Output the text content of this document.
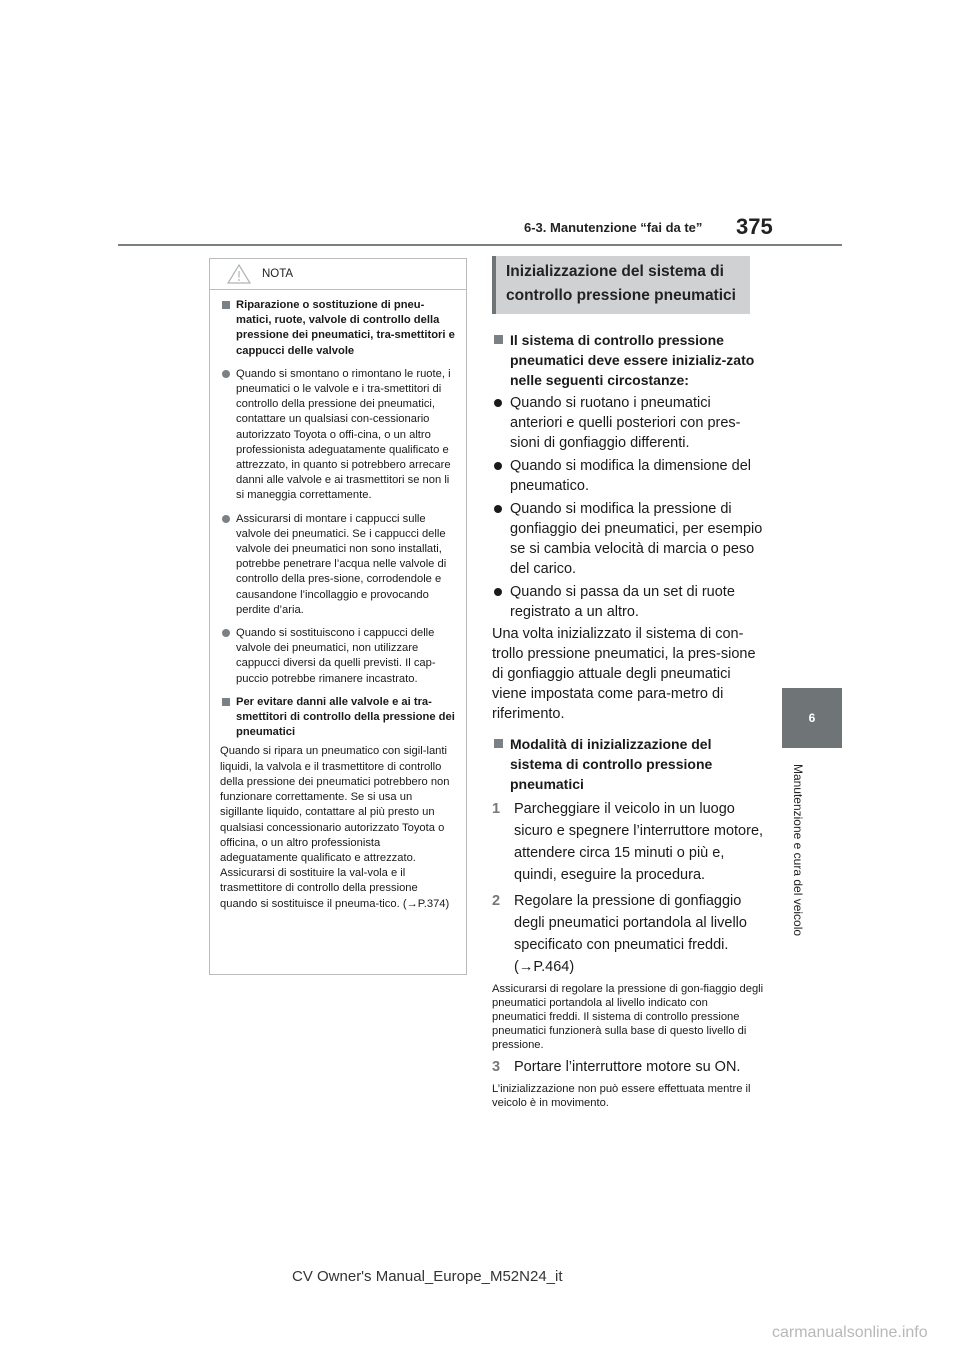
375
6-3. Manutenzione “fai da te”
6
Manutenzione e cura del veicolo
NOTA
Riparazione o sostituzione di pneu-matici, ruote, valvole di controllo della pressione dei pneumatici, tra-smettitori e cappucci delle valvole
Quando si smontano o rimontano le ruote, i pneumatici o le valvole e i tra-smettitori di controllo della pressione dei pneumatici, contattare un qualsiasi con-cessionario autorizzato Toyota o offi-cina, o un altro professionista adeguatamente qualificato e attrezzato, in quanto si potrebbero arrecare danni alle valvole e ai trasmettitori se non li si maneggia correttamente.
Assicurarsi di montare i cappucci sulle valvole dei pneumatici. Se i cappucci delle valvole dei pneumatici non sono installati, potrebbe penetrare l’acqua nelle valvole di controllo della pres-sione, corrodendole e causandone l’incollaggio e provocando perdite d’aria.
Quando si sostituiscono i cappucci delle valvole dei pneumatici, non utilizzare cappucci diversi da quelli previsti. Il cap-puccio potrebbe rimanere incastrato.
Per evitare danni alle valvole e ai tra-smettitori di controllo della pressione dei pneumatici
Quando si ripara un pneumatico con sigil-lanti liquidi, la valvola e il trasmettitore di controllo della pressione dei pneumatici potrebbero non funzionare correttamente. Se si usa un sigillante liquido, contattare al più presto un qualsiasi concessionario autorizzato Toyota o officina, o un altro professionista adeguatamente qualificato e attrezzato. Assicurarsi di sostituire la val-vola e il trasmettitore di controllo della pressione quando si sostituisce il pneuma-tico. (→P.374)
Inizializzazione del sistema di controllo pressione pneumatici
Il sistema di controllo pressione pneumatici deve essere inizializ-zato nelle seguenti circostanze:
Quando si ruotano i pneumatici anteriori e quelli posteriori con pres-sioni di gonfiaggio differenti.
Quando si modifica la dimensione del pneumatico.
Quando si modifica la pressione di gonfiaggio dei pneumatici, per esempio se si cambia velocità di marcia o peso del carico.
Quando si passa da un set di ruote registrato a un altro.
Una volta inizializzato il sistema di con-trollo pressione pneumatici, la pres-sione di gonfiaggio attuale degli pneumatici viene impostata come para-metro di riferimento.
Modalità di inizializzazione del sistema di controllo pressione pneumatici
1 Parcheggiare il veicolo in un luogo sicuro e spegnere l’interruttore motore, attendere circa 15 minuti o più e, quindi, eseguire la procedura.
2 Regolare la pressione di gonfiaggio degli pneumatici portandola al livello specificato con pneumatici freddi. (→P.464)
Assicurarsi di regolare la pressione di gon-fiaggio degli pneumatici portandola al livello indicato con pneumatici freddi. Il sistema di controllo pressione pneumatici funzionerà sulla base di questo livello di pressione.
3 Portare l’interruttore motore su ON.
L’inizializzazione non può essere effettuata mentre il veicolo è in movimento.
CV Owner's Manual_Europe_M52N24_it
carmanualsonline.info
